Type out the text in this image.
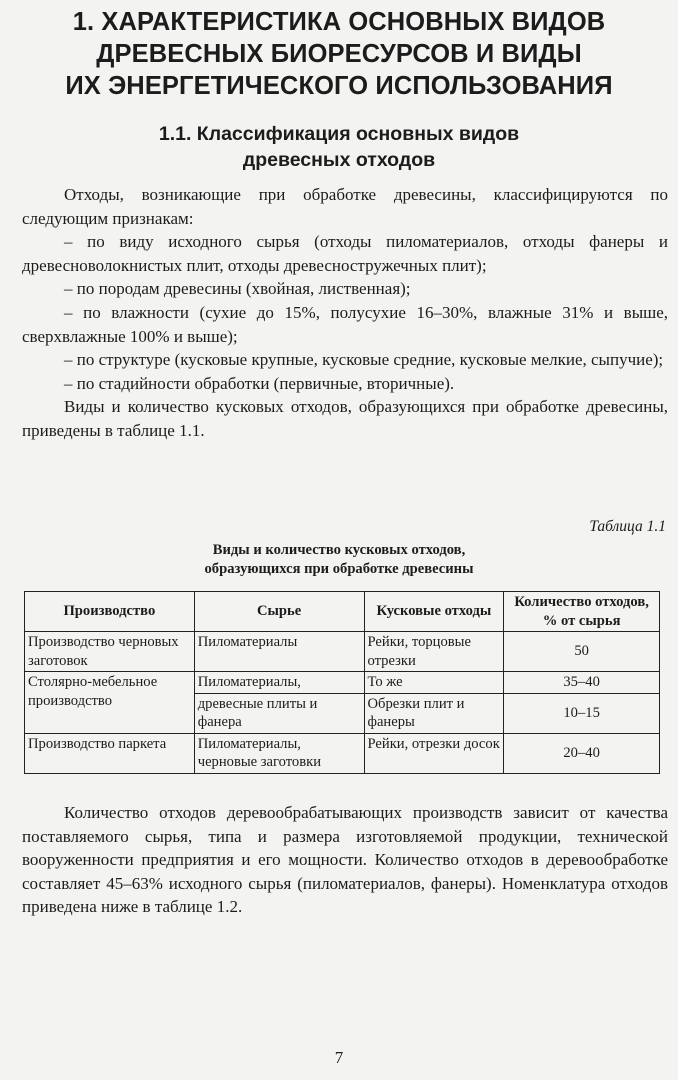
1. ХАРАКТЕРИСТИКА ОСНОВНЫХ ВИДОВ
ДРЕВЕСНЫХ БИОРЕСУРСОВ И ВИДЫ
ИХ ЭНЕРГЕТИЧЕСКОГО ИСПОЛЬЗОВАНИЯ
1.1. Классификация основных видов
древесных отходов

Отходы, возникающие при обработке древесины, классифицируются по следующим признакам:

– по виду исходного сырья (отходы пиломатериалов, отходы фанеры и древесноволокнистых плит, отходы древесностружечных плит);

– по породам древесины (хвойная, лиственная);

– по влажности (сухие до 15%, полусухие 16–30%, влажные 31% и выше, сверхвлажные 100% и выше);

– по структуре (кусковые крупные, кусковые средние, кусковые мелкие, сыпучие);

– по стадийности обработки (первичные, вторичные).

Виды и количество кусковых отходов, образующихся при обработке древесины, приведены в таблице 1.1.

Таблица 1.1
Виды и количество кусковых отходов,
образующихся при обработке древесины
Производство	Сырье	Кусковые отходы	Количество отходов, % от сырья
Производство черновых заготовок	Пиломатериалы	Рейки, торцовые отрезки	50
Столярно-мебельное производство	Пиломатериалы,	То же	35–40
	древесные плиты и фанера	Обрезки плит и фанеры	10–15
Производство паркета	Пиломатериалы, черновые заготовки	Рейки, отрезки досок	20–40

Количество отходов деревообрабатывающих производств зависит от качества поставляемого сырья, типа и размера изготовляемой продукции, технической вооруженности предприятия и его мощности. Количество отходов в деревообработке составляет 45–63% исходного сырья (пиломатериалов, фанеры). Номенклатура отходов приведена ниже в таблице 1.2.

7
